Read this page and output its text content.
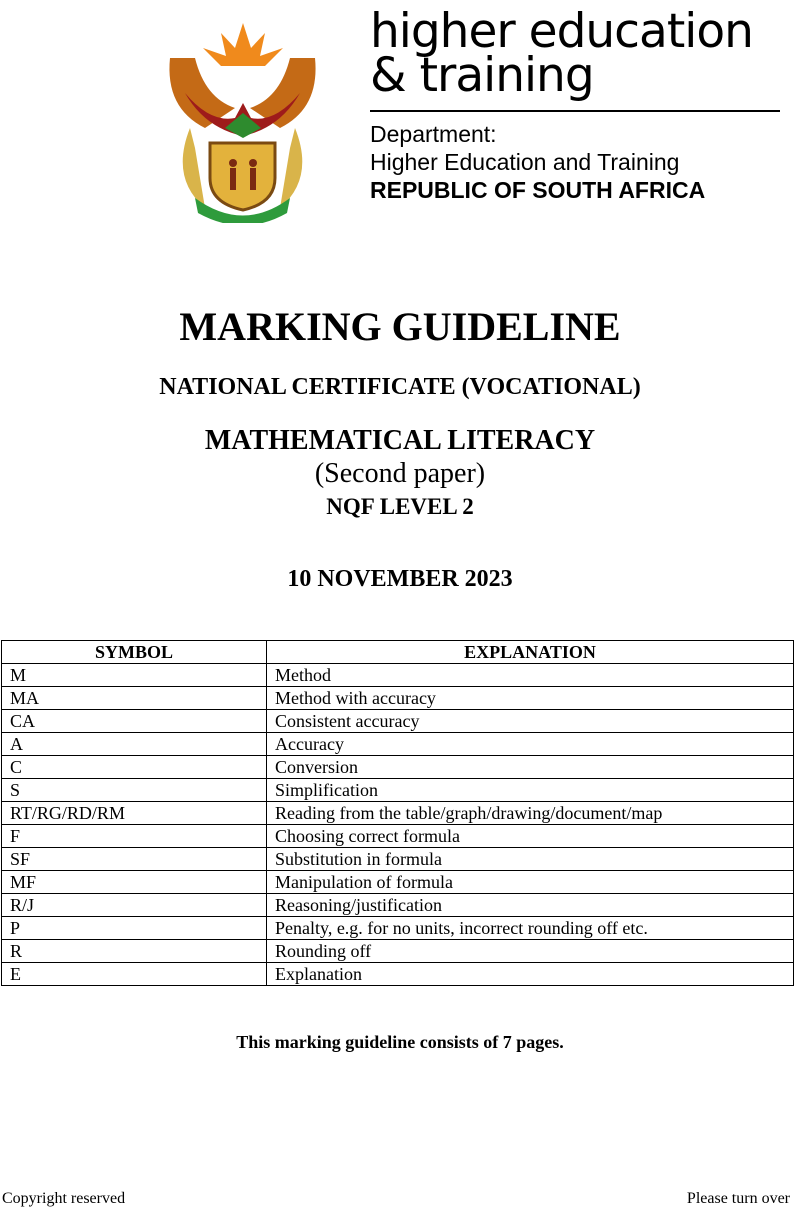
higher education
& training
Department:
Higher Education and Training
REPUBLIC OF SOUTH AFRICA
MARKING GUIDELINE
NATIONAL CERTIFICATE (VOCATIONAL)
MATHEMATICAL LITERACY
(Second paper)
NQF LEVEL 2
10 NOVEMBER 2023
SYMBOL	EXPLANATION
M	Method
MA	Method with accuracy
CA	Consistent accuracy
A	Accuracy
C	Conversion
S	Simplification
RT/RG/RD/RM	Reading from the table/graph/drawing/document/map
F	Choosing correct formula
SF	Substitution in formula
MF	Manipulation of formula
R/J	Reasoning/justification
P	Penalty, e.g. for no units, incorrect rounding off etc.
R	Rounding off
E	Explanation
This marking guideline consists of 7 pages.
Copyright reserved	Please turn over
